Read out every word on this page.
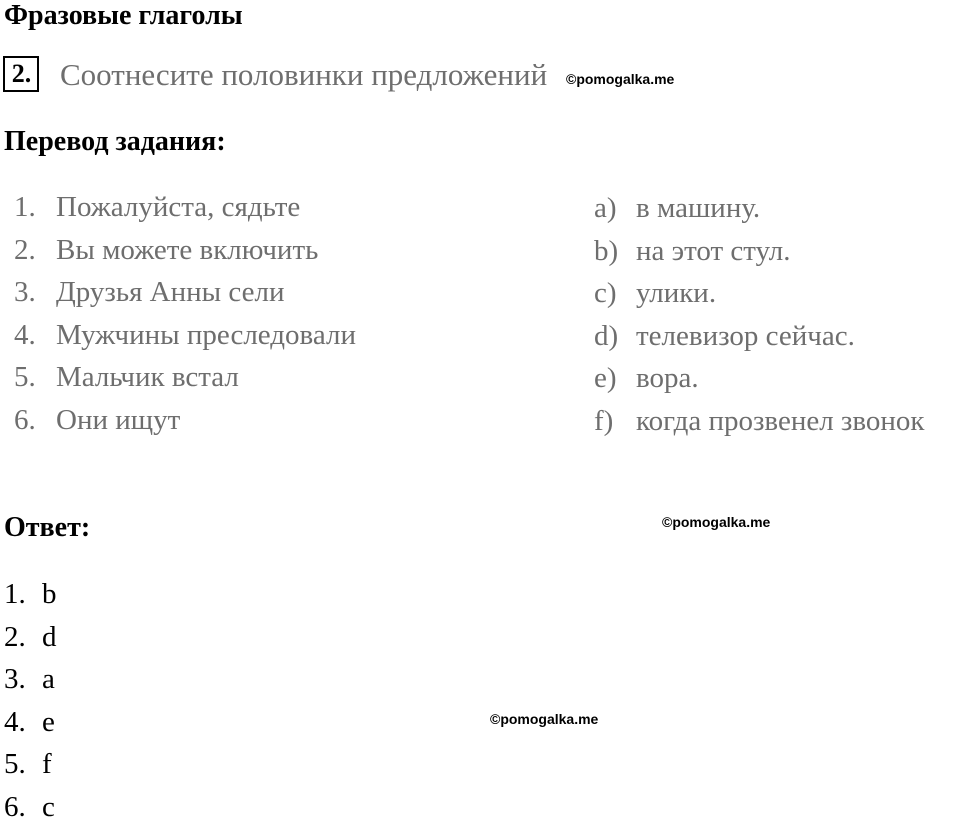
Фразовые глаголы
2. Соотнесите половинки предложений ©pomogalka.me
Перевод задания:
1. Пожалуйста, сядьте
2. Вы можете включить
3. Друзья Анны сели
4. Мужчины преследовали
5. Мальчик встал
6. Они ищут
a) в машину.
b) на этот стул.
c) улики.
d) телевизор сейчас.
e) вора.
f) когда прозвенел звонок
Ответ:	©pomogalka.me
1. b
2. d
3. a
4. e
5. f
6. c
©pomogalka.me
